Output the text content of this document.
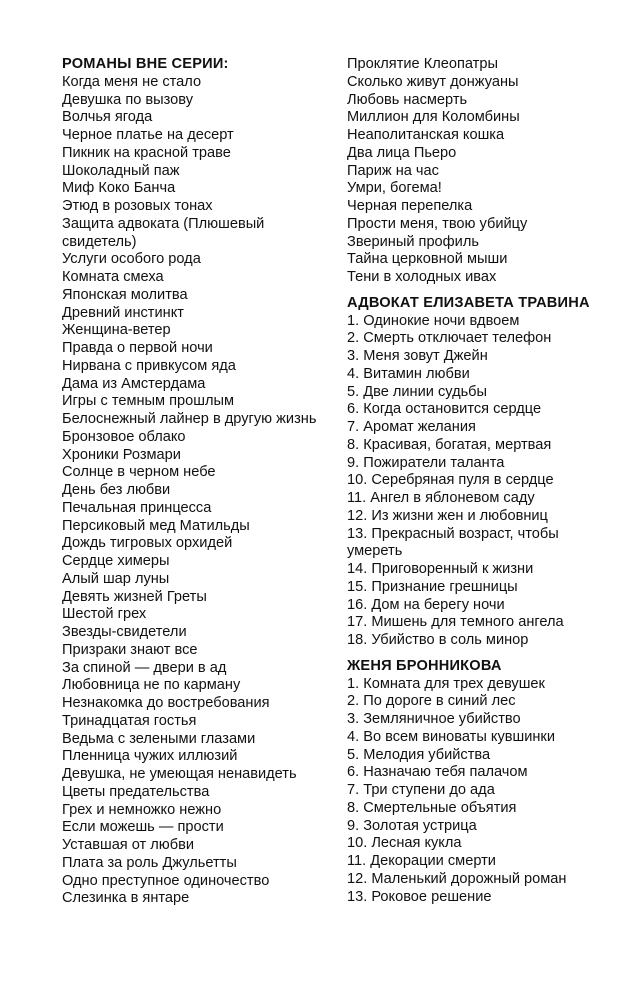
РОМАНЫ ВНЕ СЕРИИ:
Когда меня не стало
Девушка по вызову
Волчья ягода
Черное платье на десерт
Пикник на красной траве
Шоколадный паж
Миф Коко Банча
Этюд в розовых тонах
Защита адвоката (Плюшевый свидетель)
Услуги особого рода
Комната смеха
Японская молитва
Древний инстинкт
Женщина-ветер
Правда о первой ночи
Нирвана с привкусом яда
Дама из Амстердама
Игры с темным прошлым
Белоснежный лайнер в другую жизнь
Бронзовое облако
Хроники Розмари
Солнце в черном небе
День без любви
Печальная принцесса
Персиковый мед Матильды
Дождь тигровых орхидей
Сердце химеры
Алый шар луны
Девять жизней Греты
Шестой грех
Звезды-свидетели
Призраки знают все
За спиной — двери в ад
Любовница не по карману
Незнакомка до востребования
Тринадцатая гостья
Ведьма с зелеными глазами
Пленница чужих иллюзий
Девушка, не умеющая ненавидеть
Цветы предательства
Грех и немножко нежно
Если можешь — прости
Уставшая от любви
Плата за роль Джульетты
Одно преступное одиночество
Слезинка в янтаре
Проклятие Клеопатры
Сколько живут донжуаны
Любовь насмерть
Миллион для Коломбины
Неаполитанская кошка
Два лица Пьеро
Париж на час
Умри, богема!
Черная перепелка
Прости меня, твою убийцу
Звериный профиль
Тайна церковной мыши
Тени в холодных ивах
АДВОКАТ ЕЛИЗАВЕТА ТРАВИНА
1. Одинокие ночи вдвоем
2. Смерть отключает телефон
3. Меня зовут Джейн
4. Витамин любви
5. Две линии судьбы
6. Когда остановится сердце
7. Аромат желания
8. Красивая, богатая, мертвая
9. Пожиратели таланта
10. Серебряная пуля в сердце
11. Ангел в яблоневом саду
12. Из жизни жен и любовниц
13. Прекрасный возраст, чтобы умереть
14. Приговоренный к жизни
15. Признание грешницы
16. Дом на берегу ночи
17. Мишень для темного ангела
18. Убийство в соль минор
ЖЕНЯ БРОННИКОВА
1. Комната для трех девушек
2. По дороге в синий лес
3. Земляничное убийство
4. Во всем виноваты кувшинки
5. Мелодия убийства
6. Назначаю тебя палачом
7. Три ступени до ада
8. Смертельные объятия
9. Золотая устрица
10. Лесная кукла
11. Декорации смерти
12. Маленький дорожный роман
13. Роковое решение
